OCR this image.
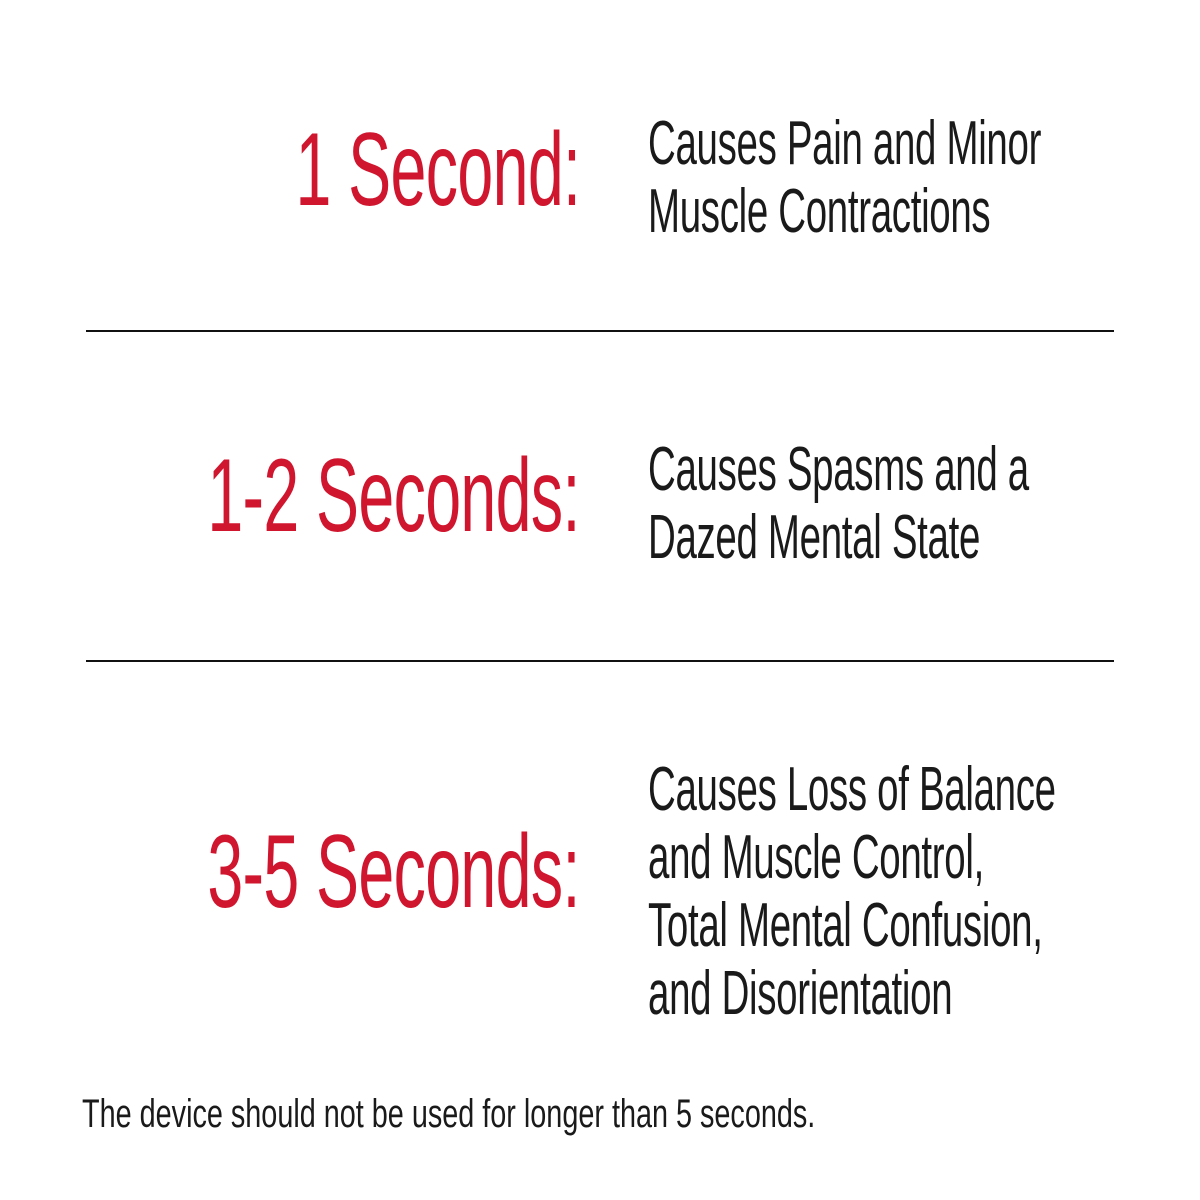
1 Second: Causes Pain and Minor
Muscle Contractions
1-2 Seconds: Causes Spasms and a
Dazed Mental State
3-5 Seconds:
Causes Loss of Balance
and Muscle Control,
Total Mental Confusion,
and Disorientation
The device should not be used for longer than 5 seconds.
